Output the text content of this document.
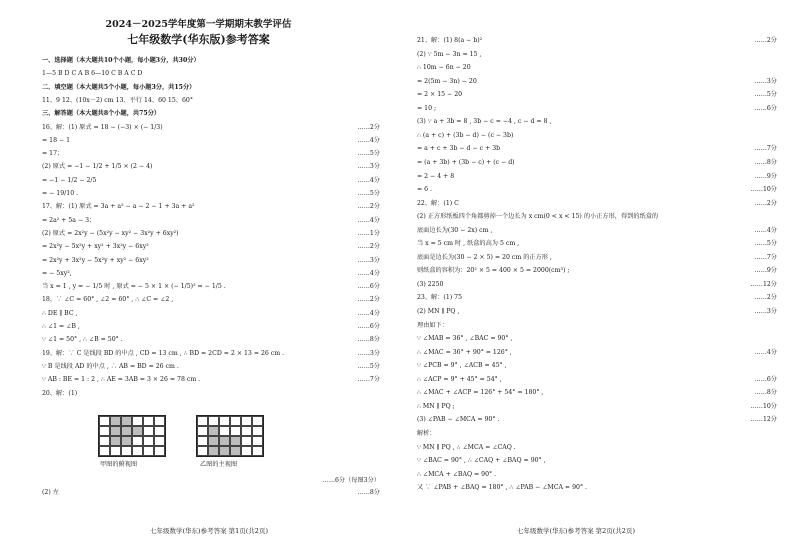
2024－2025学年度第一学期期末教学评估
七年级数学(华东版)参考答案
一、选择题（本大题共10个小题，每小题3分，共30分）
1—5 B D C A B 6—10 C B A C D
二、填空题（本大题共5个小题，每小题3分，共15分）
11、9 12、(10x－2) cm 13、平行 14、60 15、60°
三、解答题（本大题共8个小题，共75分）
16、解：(1) 原式 = 18 − (−3) × (− 1/3)	……2分
= 18 − 1	……4分
= 17；	……5分
(2) 原式 = −1 − 1/2 + 1/5 × (2 − 4)	……3分
= −1 − 1/2 − 2/5	……4分
= − 19/10 .	……5分
17、解：(1) 原式 = 3a + a² − a − 2 − 1 + 3a + a²	……2分
= 2a² + 5a − 3；	……4分
(2) 原式 = 2x²y − (5x²y − xy² − 3x²y + 6xy²)	……1分
= 2x²y − 5x²y + xy² + 3x²y − 6xy²	……2分
= 2x²y + 3x²y − 5x²y + xy² − 6xy²	……3分
= − 5xy²,	……4分
当 x = 1 , y = − 1/5 时 , 原式 = − 5 × 1 × (− 1/5)² = − 1/5 .	……6分
18、∵ ∠C = 60° , ∠2 = 60° , ∴ ∠C = ∠2 ,	……2分
∴ DE ∥ BC ,	……4分
∴ ∠1 = ∠B ,	……6分
∵ ∠1 = 50° , ∴ ∠B = 50° .	……8分
19、解：∵ C 是线段 BD 的中点 , CD = 13 cm , ∴ BD = 2CD = 2 × 13 = 26 cm .	……3分
∵ B 是线段 AD 的中点 , ∴ AB = BD = 26 cm .	……5分
∵ AB : BE = 1 : 2 , ∴ AE = 3AB = 3 × 26 = 78 cm .	……7分
20、解：(1)
甲图的俯视图	乙图的主视图
……6分（每图3分）
(2) 左	……8分
七年级数学(华东)参考答案 第1页(共2页)
21、解：(1) 8(a − b)²	……2分
(2) ∵ 5m − 3n = 15 ,
∴ 10m − 6n − 20
= 2(5m − 3n) − 20	……3分
= 2 × 15 − 20	……5分
= 10 ;	……6分
(3) ∵ a + 3b = 8 , 3b − c = −4 , c − d = 8 ,
∴ (a + c) + (3b − d) − (c − 3b)
= a + c + 3b − d − c + 3b	……7分
= (a + 3b) + (3b − c) + (c − d)	……8分
= 2 − 4 + 8	……9分
= 6 .	……10分
22、解：(1) C	……2分
(2) 正方形纸板四个角都剪掉一个边长为 x cm(0 < x < 15) 的小正方形，得到的纸盒的
底面边长为(30 − 2x) cm ,	……4分
当 x = 5 cm 时 , 纸盒的高为 5 cm ,	……5分
底面是边长为(30 − 2 × 5) = 20 cm 的正方形 ,	……7分
则纸盒的容积为：20² × 5 = 400 × 5 = 2000(cm³) ;	……9分
(3) 2250	……12分
23、解：(1) 75	……2分
(2) MN ∥ PQ ,	……3分
理由如下：
∵ ∠MAB = 36° , ∠BAC = 90° ,
∴ ∠MAC = 36° + 90° = 126° ,	……4分
∵ ∠PCB = 9° , ∠ACB = 45° ,
∴ ∠ACP = 9° + 45° = 54° ,	……6分
∴ ∠MAC + ∠ACP = 126° + 54° = 180° ,	……8分
∴ MN ∥ PQ ;	……10分
(3) ∠PAB − ∠MCA = 90° .	……12分
解析：
∵ MN ∥ PQ , ∴ ∠MCA = ∠CAQ .
∵ ∠BAC = 90° , ∴ ∠CAQ + ∠BAQ = 90° ,
∴ ∠MCA + ∠BAQ = 90° .
又 ∵ ∠PAB + ∠BAQ = 180° , ∴ ∠PAB − ∠MCA = 90° .
七年级数学(华东)参考答案 第2页(共2页)
